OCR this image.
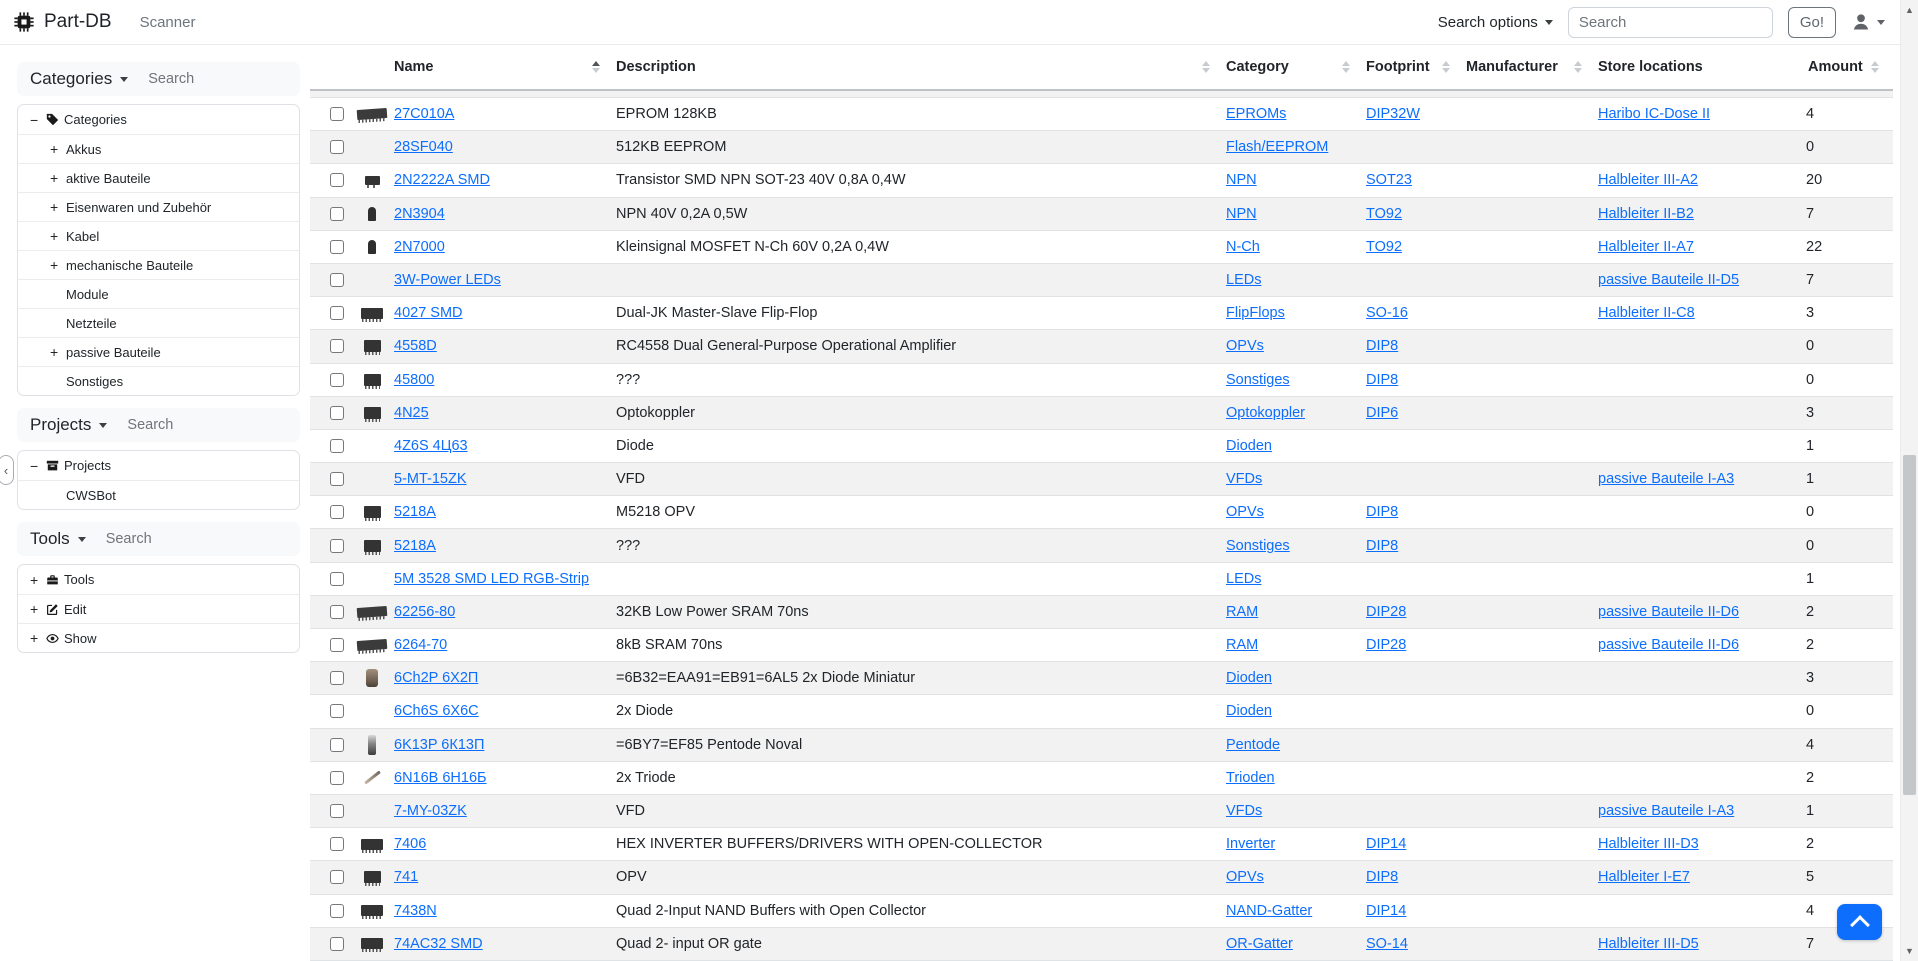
Part-DB Scanner	Search options
Search	Go!
Categories
Search
−	Categories
+ Akkus
+ aktive Bauteile
+ Eisenwaren und Zubehör
+ Kabel
+ mechanische Bauteile
Module
Netzteile
+ passive Bauteile
Sonstiges
Projects
Search
−	Projects
CWSBot
Tools
Search
+	Tools
+	Edit
+	Show
‹

		Name	Description	Category	Footprint	Manufacturer	Store locations	Amount

	27C010A	EPROM 128KB	EPROMs	DIP32W		Haribo IC-Dose II	4

		28SF040	512KB EEPROM	Flash/EEPROM				0

	2N2222A SMD	Transistor SMD NPN SOT-23 40V 0,8A 0,4W	NPN	SOT23		Halbleiter III-A2	20

	2N3904	NPN 40V 0,2A 0,5W	NPN	TO92		Halbleiter II-B2	7

	2N7000	Kleinsignal MOSFET N-Ch 60V 0,2A 0,4W	N-Ch	TO92		Halbleiter II-A7	22

		3W-Power LEDs		LEDs			passive Bauteile II-D5	7

	4027 SMD	Dual-JK Master-Slave Flip-Flop	FlipFlops	SO-16		Halbleiter II-C8	3

	4558D	RC4558 Dual General-Purpose Operational Amplifier	OPVs	DIP8			0

	45800	???	Sonstiges	DIP8			0

	4N25	Optokoppler	Optokoppler	DIP6			3

		4Z6S 4Ц63	Diode	Dioden				1

		5-MT-15ZK	VFD	VFDs			passive Bauteile I-A3	1

	5218A	M5218 OPV	OPVs	DIP8			0

	5218A	???	Sonstiges	DIP8			0

		5M 3528 SMD LED RGB-Strip		LEDs				1

	62256-80	32KB Low Power SRAM 70ns	RAM	DIP28		passive Bauteile II-D6	2

	6264-70	8kB SRAM 70ns	RAM	DIP28		passive Bauteile II-D6	2

	6Ch2P 6Х2П	=6B32=EAA91=EB91=6AL5 2x Diode Miniatur	Dioden				3

		6Ch6S 6Х6С	2x Diode	Dioden				0

	6K13P 6К13П	=6BY7=EF85 Pentode Noval	Pentode				4

	6N16B 6Н16Б	2x Triode	Trioden				2

		7-MY-03ZK	VFD	VFDs			passive Bauteile I-A3	1

	7406	HEX INVERTER BUFFERS/DRIVERS WITH OPEN-COLLECTOR	Inverter	DIP14		Halbleiter III-D3	2

	741	OPV	OPVs	DIP8		Halbleiter I-E7	5

	7438N	Quad 2-Input NAND Buffers with Open Collector	NAND-Gatter	DIP14			4

	74AC32 SMD	Quad 2- input OR gate	OR-Gatter	SO-14		Halbleiter III-D5	7
▲
▼
